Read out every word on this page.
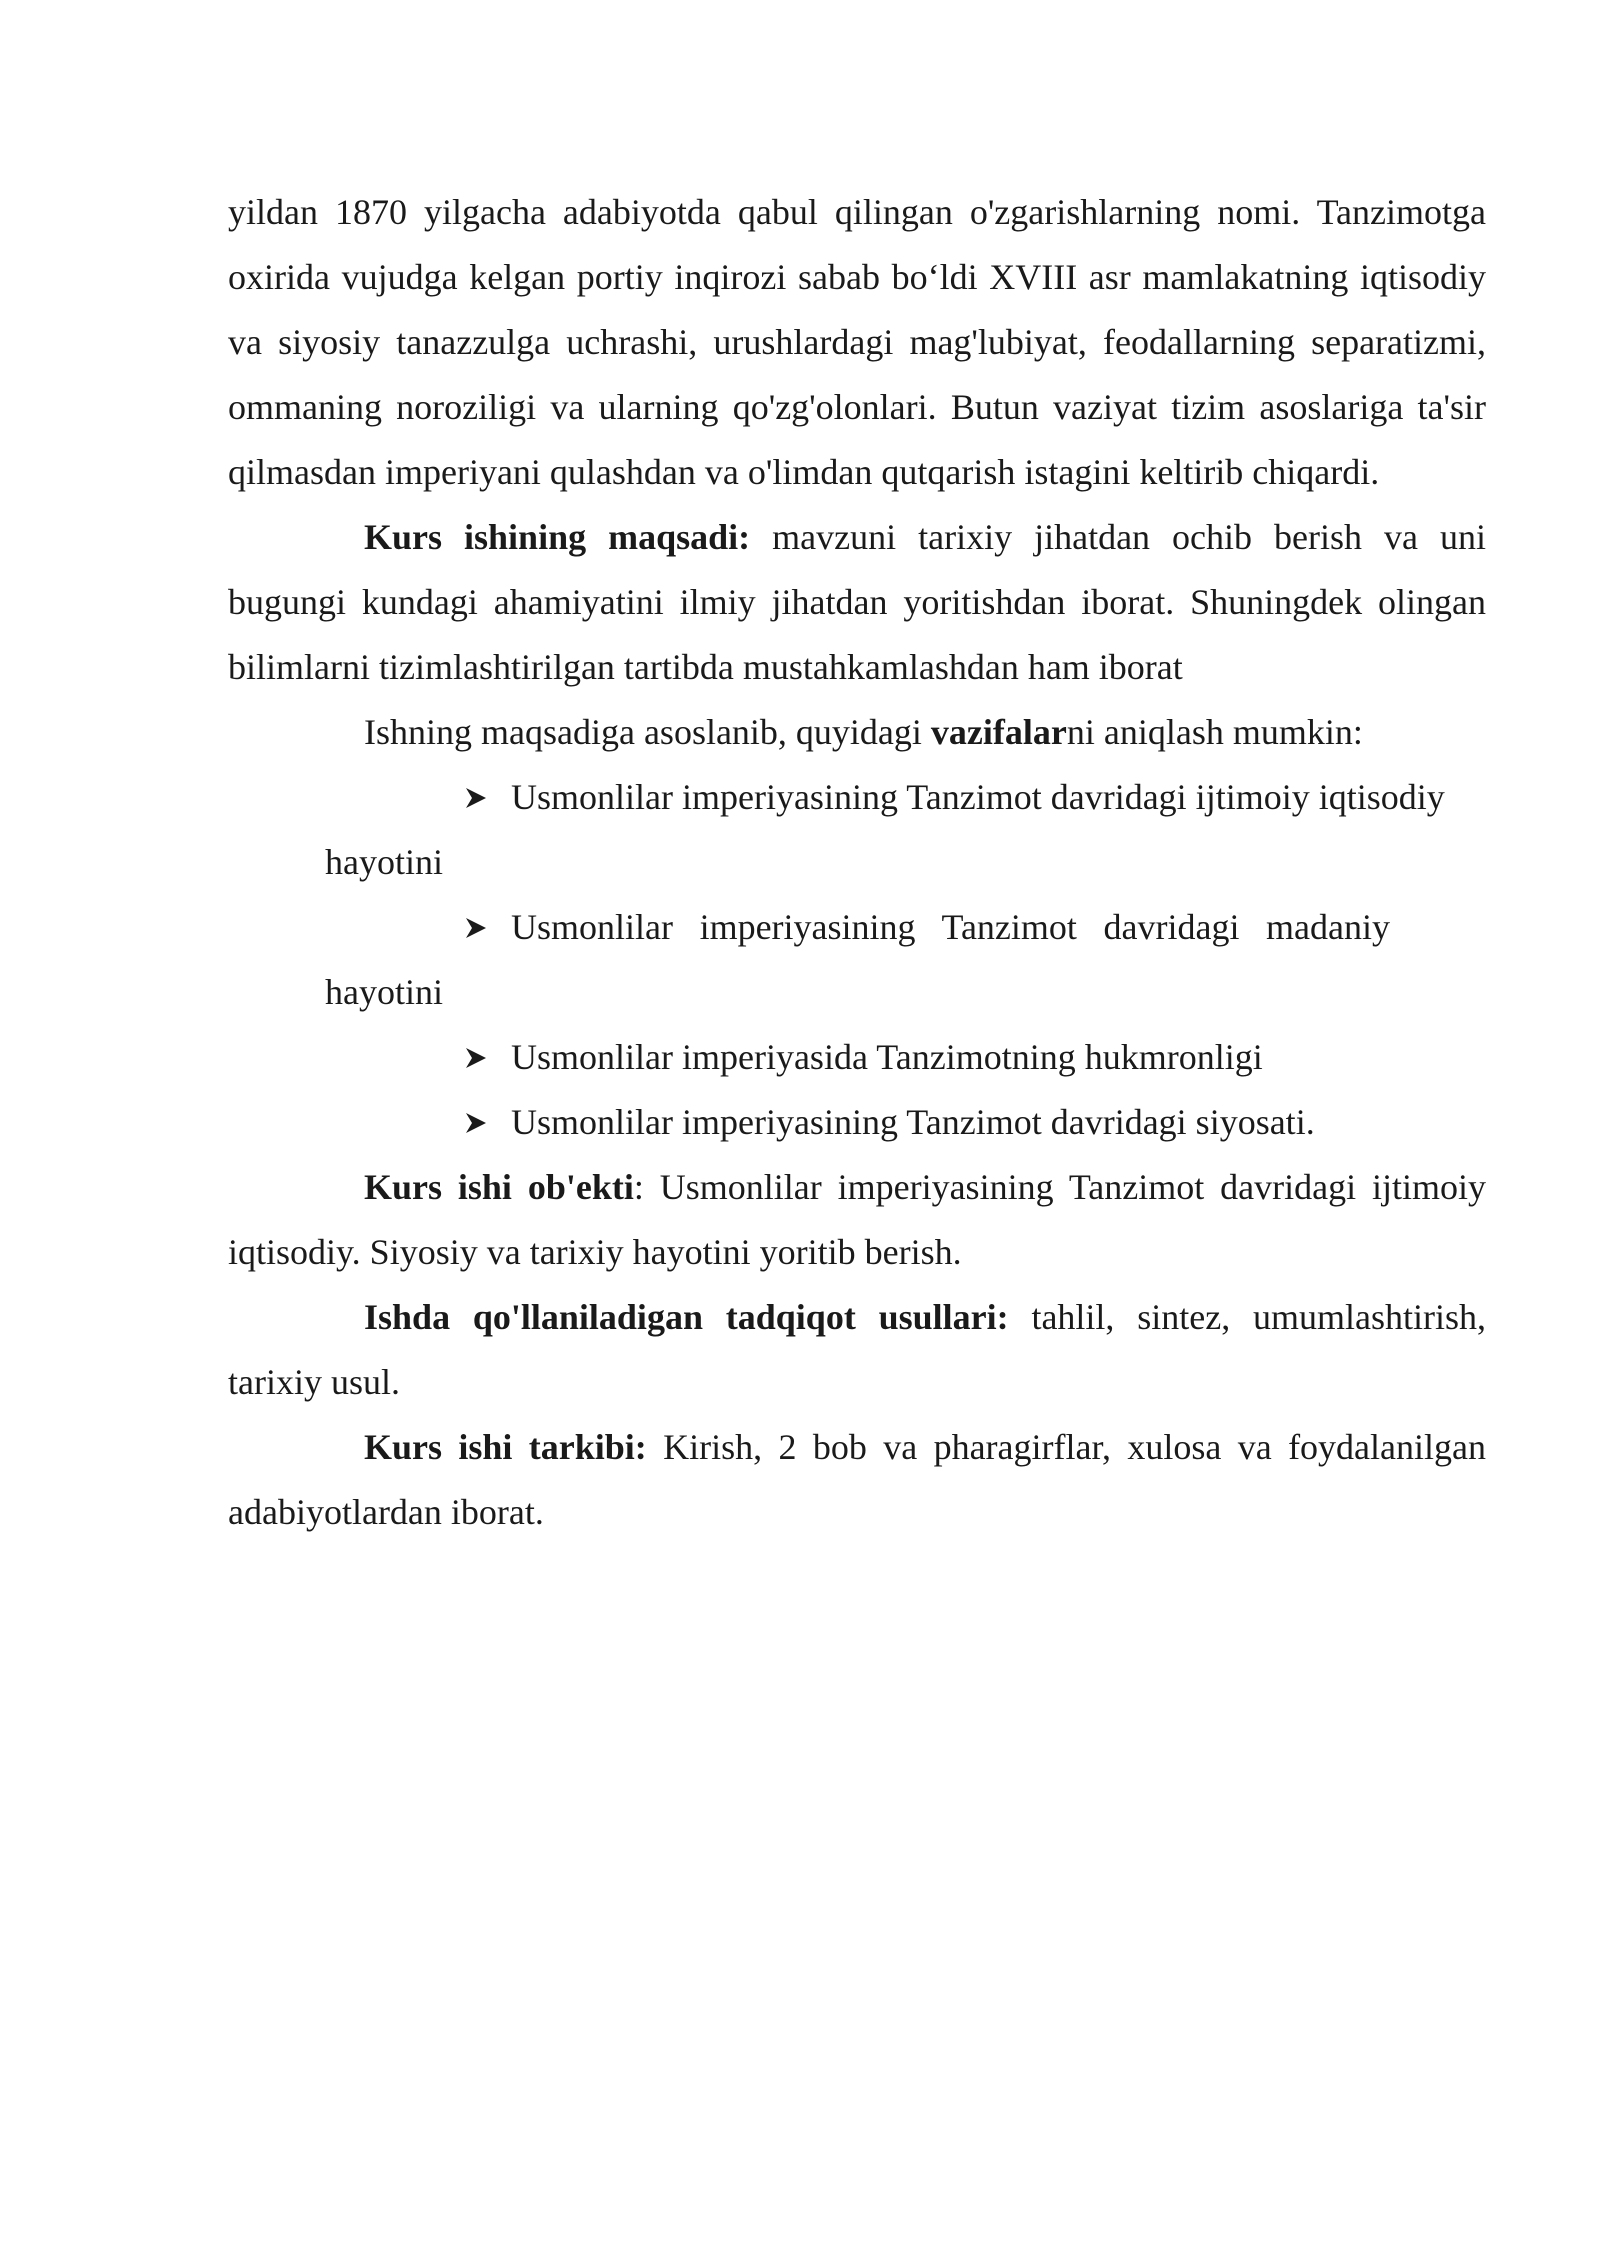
yildan 1870 yilgacha adabiyotda qabul qilingan o'zgarishlarning nomi. Tanzimotga oxirida vujudga kelgan portiy inqirozi sabab bo‘ldi XVIII asr mamlakatning iqtisodiy va siyosiy tanazzulga uchrashi, urushlardagi mag'lubiyat, feodallarning separatizmi, ommaning noroziligi va ularning qo'zg'olonlari. Butun vaziyat tizim asoslariga ta'sir qilmasdan imperiyani qulashdan va o'limdan qutqarish istagini keltirib chiqardi.

Kurs ishining maqsadi: mavzuni tarixiy jihatdan ochib berish va uni bugungi kundagi ahamiyatini ilmiy jihatdan yoritishdan iborat. Shuningdek olingan bilimlarni tizimlashtirilgan tartibda mustahkamlashdan ham iborat

Ishning maqsadiga asoslanib, quyidagi vazifalarni aniqlash mumkin:

Usmonlilar imperiyasining Tanzimot davridagi ijtimoiy iqtisodiy
hayotini
Usmonlilar imperiyasining Tanzimot davridagi madaniy
hayotini
Usmonlilar imperiyasida Tanzimotning hukmronligi
Usmonlilar imperiyasining Tanzimot davridagi siyosati.

Kurs ishi ob'ekti: Usmonlilar imperiyasining Tanzimot davridagi ijtimoiy iqtisodiy. Siyosiy va tarixiy hayotini yoritib berish.

Ishda qo'llaniladigan tadqiqot usullari: tahlil, sintez, umumlashtirish, tarixiy usul.

Kurs ishi tarkibi: Kirish, 2 bob va pharagirflar, xulosa va foydalanilgan adabiyotlardan iborat.
